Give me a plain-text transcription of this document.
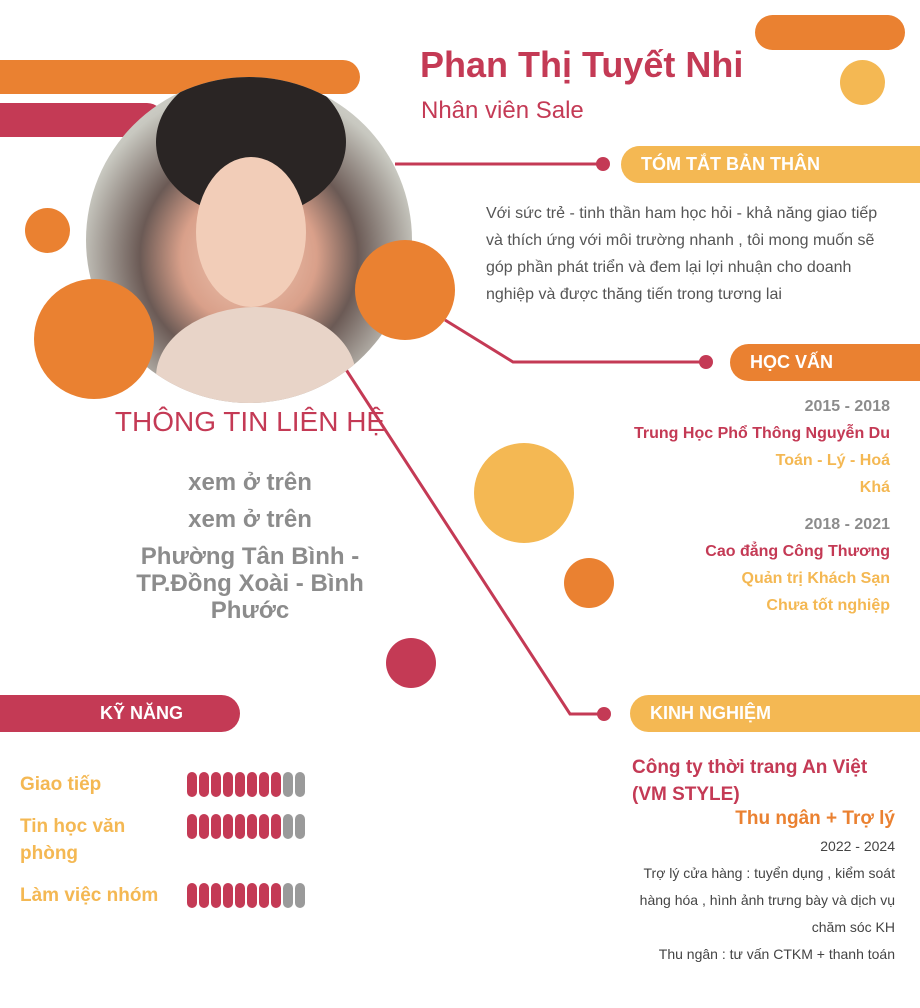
Phan Thị Tuyết Nhi
Nhân viên Sale
TÓM TẮT BẢN THÂN
Với sức trẻ - tinh thần ham học hỏi - khả năng giao tiếp
và thích ứng với môi trường nhanh , tôi mong muốn sẽ
góp phần phát triển và đem lại lợi nhuận cho doanh
nghiệp và được thăng tiến trong tương lai
HỌC VẤN
2015 - 2018
Trung Học Phổ Thông Nguyễn Du
Toán - Lý - Hoá
Khá
2018 - 2021
Cao đẳng Công Thương
Quản trị Khách Sạn
Chưa tốt nghiệp
THÔNG TIN LIÊN HỆ
xem ở trên
xem ở trên
Phường Tân Bình -
TP.Đồng Xoài - Bình
Phước
KỸ NĂNG
Giao tiếp
Tin học văn phòng
Làm việc nhóm
KINH NGHIỆM
Công ty thời trang An Việt (VM STYLE)
Thu ngân + Trợ lý
2022 - 2024
Trợ lý cửa hàng : tuyển dụng , kiểm soát
hàng hóa , hình ảnh trưng bày và dịch vụ
chăm sóc KH
Thu ngân : tư vấn CTKM + thanh toán
